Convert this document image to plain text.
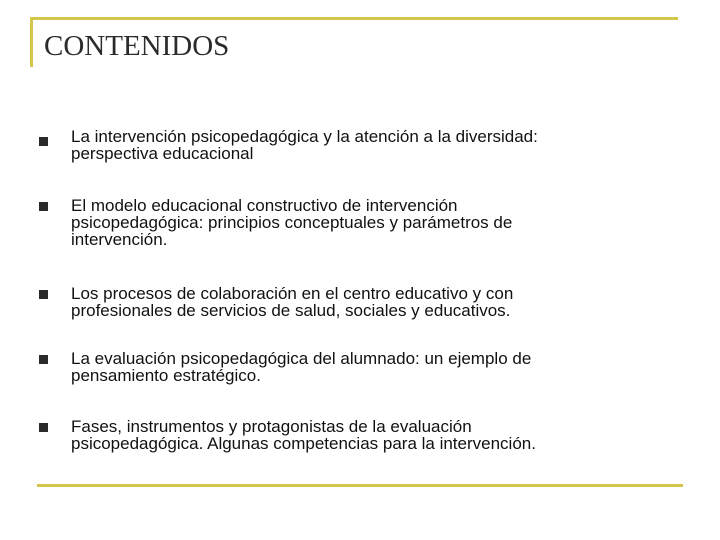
CONTENIDOS
La intervención psicopedagógica y la atención a la diversidad:
perspectiva educacional
El modelo educacional constructivo de intervención
psicopedagógica: principios conceptuales y parámetros de
intervención.
Los procesos de colaboración en el centro educativo y con
profesionales de servicios de salud, sociales y educativos.
La evaluación psicopedagógica del alumnado: un ejemplo de
pensamiento estratégico.
Fases, instrumentos y protagonistas de la evaluación
psicopedagógica. Algunas competencias para la intervención.
